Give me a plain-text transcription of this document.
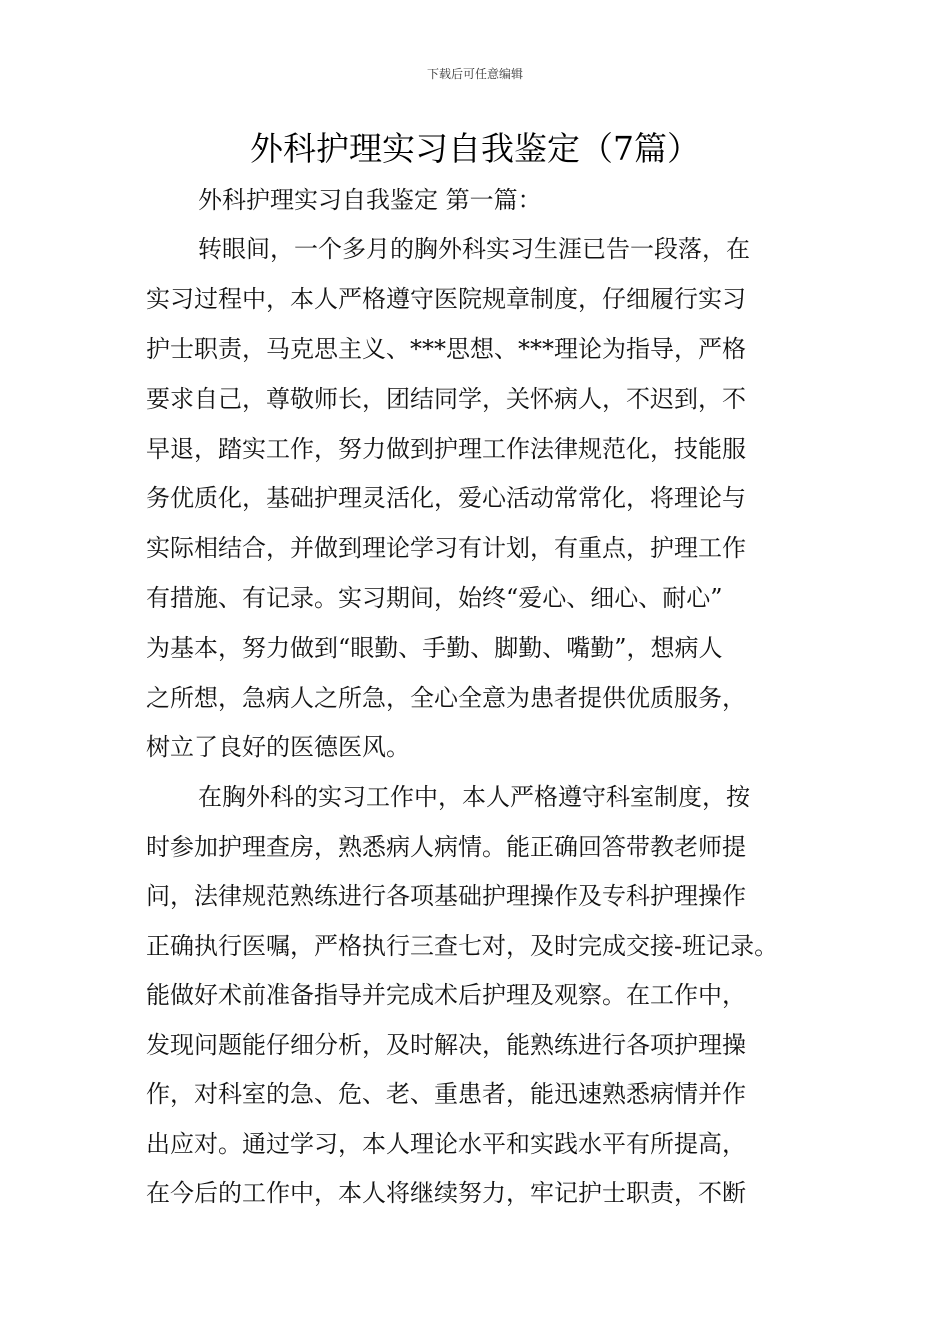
下载后可任意编辑
外科护理实习自我鉴定（7篇）

外科护理实习自我鉴定 第一篇：

转眼间，一个多月的胸外科实习生涯已告一段落，在

实习过程中，本人严格遵守医院规章制度，仔细履行实习

护士职责，马克思主义、***思想、***理论为指导，严格

要求自己，尊敬师长，团结同学，关怀病人，不迟到，不

早退，踏实工作，努力做到护理工作法律规范化，技能服

务优质化，基础护理灵活化，爱心活动常常化，将理论与

实际相结合，并做到理论学习有计划，有重点，护理工作

有措施、有记录。实习期间，始终“爱心、细心、耐心”

为基本，努力做到“眼勤、手勤、脚勤、嘴勤”，想病人

之所想，急病人之所急，全心全意为患者提供优质服务，

树立了良好的医德医风。

在胸外科的实习工作中，本人严格遵守科室制度，按

时参加护理查房，熟悉病人病情。能正确回答带教老师提

问，法律规范熟练进行各项基础护理操作及专科护理操作

正确执行医嘱，严格执行三查七对，及时完成交接-班记录。

能做好术前准备指导并完成术后护理及观察。在工作中，

发现问题能仔细分析，及时解决，能熟练进行各项护理操

作，对科室的急、危、老、重患者，能迅速熟悉病情并作

出应对。通过学习，本人理论水平和实践水平有所提高，

在今后的工作中，本人将继续努力，牢记护士职责，不断
